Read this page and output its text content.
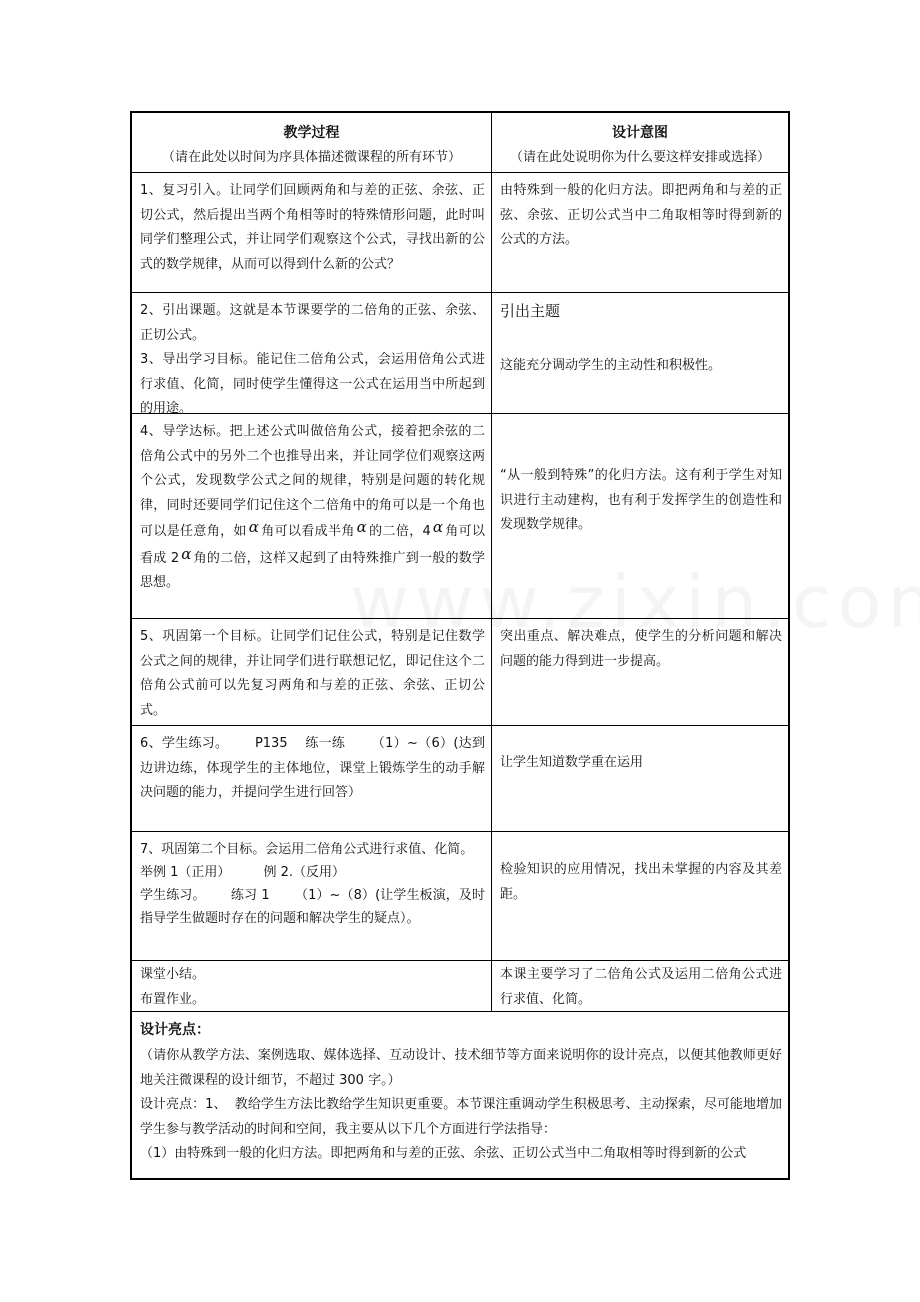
教学过程
（请在此处以时间为序具体描述微课程的所有环节）
设计意图
（请在此处说明你为什么要这样安排或选择）
1、复习引入。让同学们回顾两角和与差的正弦、余弦、正切公式，然后提出当两个角相等时的特殊情形问题，此时叫同学们整理公式，并让同学们观察这个公式，寻找出新的公式的数学规律，从而可以得到什么新的公式？
由特殊到一般的化归方法。即把两角和与差的正弦、余弦、正切公式当中二角取相等时得到新的公式的方法。
2、引出课题。这就是本节课要学的二倍角的正弦、余弦、正切公式。
3、导出学习目标。能记住二倍角公式，会运用倍角公式进行求值、化简，同时使学生懂得这一公式在运用当中所起到的用途。
引出主题
这能充分调动学生的主动性和积极性。
4、导学达标。把上述公式叫做倍角公式，接着把余弦的二倍角公式中的另外二个也推导出来，并让同学位们观察这两个公式，发现数学公式之间的规律，特别是问题的转化规律，同时还要同学们记住这个二倍角中的角可以是一个角也可以是任意角，如 α 角可以看成半角 α 的二倍，4 α 角可以看成 2 α 角的二倍，这样又起到了由特殊推广到一般的数学思想。
“从一般到特殊”的化归方法。这有利于学生对知识进行主动建构，也有利于发挥学生的创造性和发现数学规律。
5、巩固第一个目标。让同学们记住公式，特别是记住数学公式之间的规律，并让同学们进行联想记忆，即记住这个二倍角公式前可以先复习两角和与差的正弦、余弦、正切公式。
突出重点、解决难点，使学生的分析问题和解决问题的能力得到进一步提高。
6、学生练习。      P135    练一练      （1）~（6）(达到边讲边练，体现学生的主体地位，课堂上锻炼学生的动手解决问题的能力，并提问学生进行回答）
让学生知道数学重在运用
7、巩固第二个目标。会运用二倍角公式进行求值、化简。
举例 1（正用）        例 2.（反用）
学生练习。      练习 1      （1）~（8）(让学生板演，及时指导学生做题时存在的问题和解决学生的疑点）。
检验知识的应用情况，找出未掌握的内容及其差距。
课堂小结。
布置作业。
本课主要学习了二倍角公式及运用二倍角公式进行求值、化简。
设计亮点：
（请你从教学方法、案例选取、媒体选择、互动设计、技术细节等方面来说明你的设计亮点，以便其他教师更好地关注微课程的设计细节，不超过 300 字。）
设计亮点：1、  教给学生方法比教给学生知识更重要。本节课注重调动学生积极思考、主动探索，尽可能地增加学生参与教学活动的时间和空间，我主要从以下几个方面进行学法指导：
（1）由特殊到一般的化归方法。即把两角和与差的正弦、余弦、正切公式当中二角取相等时得到新的公式
